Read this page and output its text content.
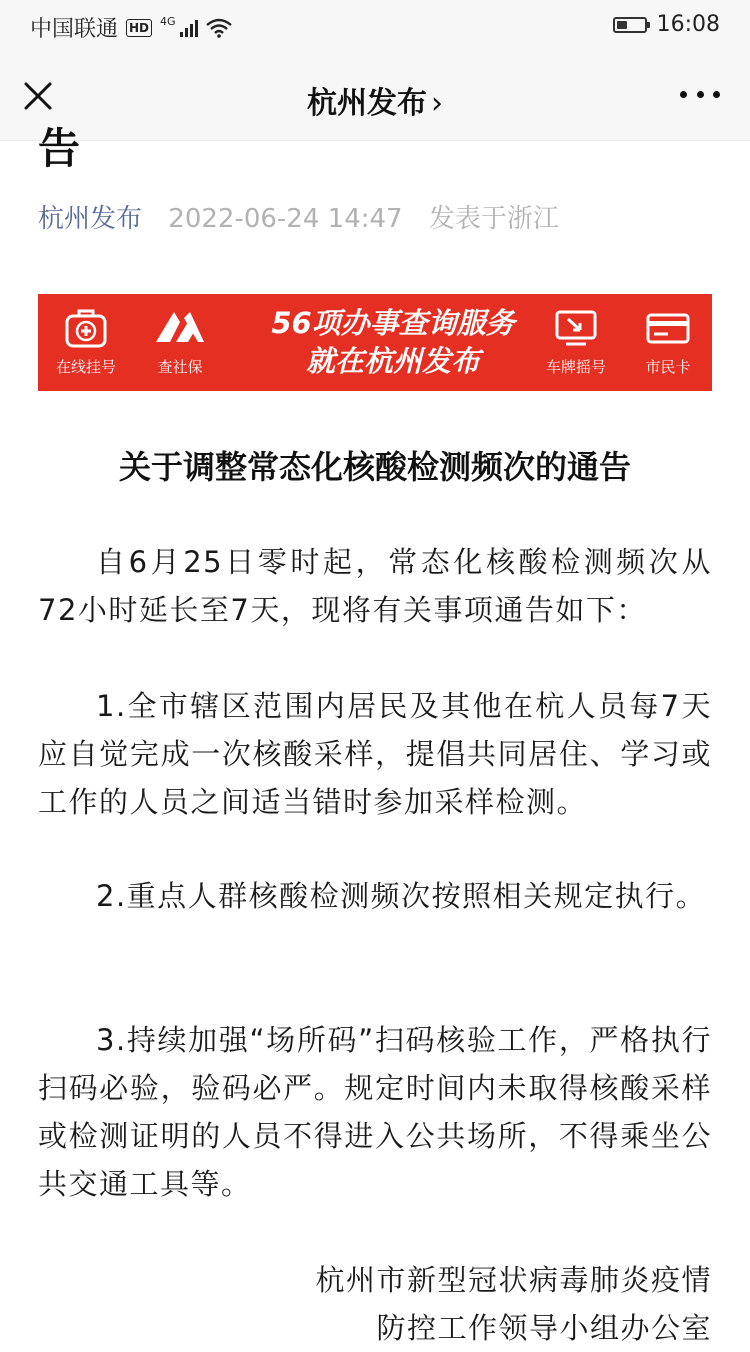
中国联通 HD 4G	16:08
杭州发布 ›
告
杭州发布 2022-06-24 14:47 发表于浙江
在线挂号	查社保
56项办事查询服务
就在杭州发布	车牌摇号	市民卡
关于调整常态化核酸检测频次的通告

自6月25日零时起，常态化核酸检测频次从72小时延长至7天，现将有关事项通告如下：

1.全市辖区范围内居民及其他在杭人员每7天应自觉完成一次核酸采样，提倡共同居住、学习或工作的人员之间适当错时参加采样检测。

2.重点人群核酸检测频次按照相关规定执行。

3.持续加强“场所码”扫码核验工作，严格执行扫码必验，验码必严。规定时间内未取得核酸采样或检测证明的人员不得进入公共场所，不得乘坐公共交通工具等。

杭州市新型冠状病毒肺炎疫情
防控工作领导小组办公室
